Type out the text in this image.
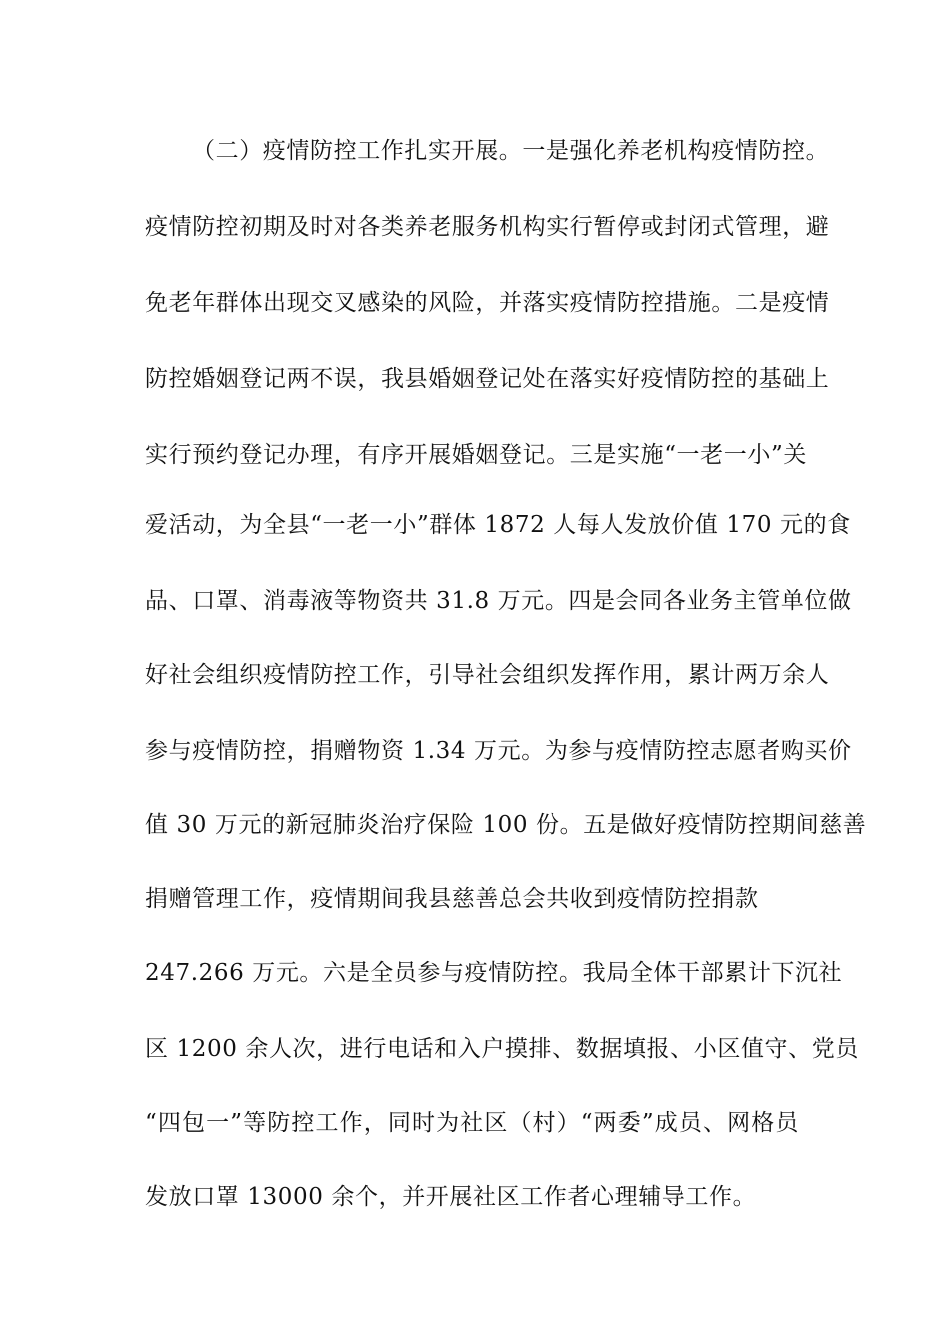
（二）疫情防控工作扎实开展。一是强化养老机构疫情防控。
疫情防控初期及时对各类养老服务机构实行暂停或封闭式管理，避
免老年群体出现交叉感染的风险，并落实疫情防控措施。二是疫情
防控婚姻登记两不误，我县婚姻登记处在落实好疫情防控的基础上
实行预约登记办理，有序开展婚姻登记。三是实施“一老一小”关
爱活动，为全县“一老一小”群体 1872 人每人发放价值 170 元的食
品、口罩、消毒液等物资共 31.8 万元。四是会同各业务主管单位做
好社会组织疫情防控工作，引导社会组织发挥作用，累计两万余人
参与疫情防控，捐赠物资 1.34 万元。为参与疫情防控志愿者购买价
值 30 万元的新冠肺炎治疗保险 100 份。五是做好疫情防控期间慈善
捐赠管理工作，疫情期间我县慈善总会共收到疫情防控捐款
247.266 万元。六是全员参与疫情防控。我局全体干部累计下沉社
区 1200 余人次，进行电话和入户摸排、数据填报、小区值守、党员
“四包一”等防控工作，同时为社区（村）“两委”成员、网格员
发放口罩 13000 余个，并开展社区工作者心理辅导工作。
